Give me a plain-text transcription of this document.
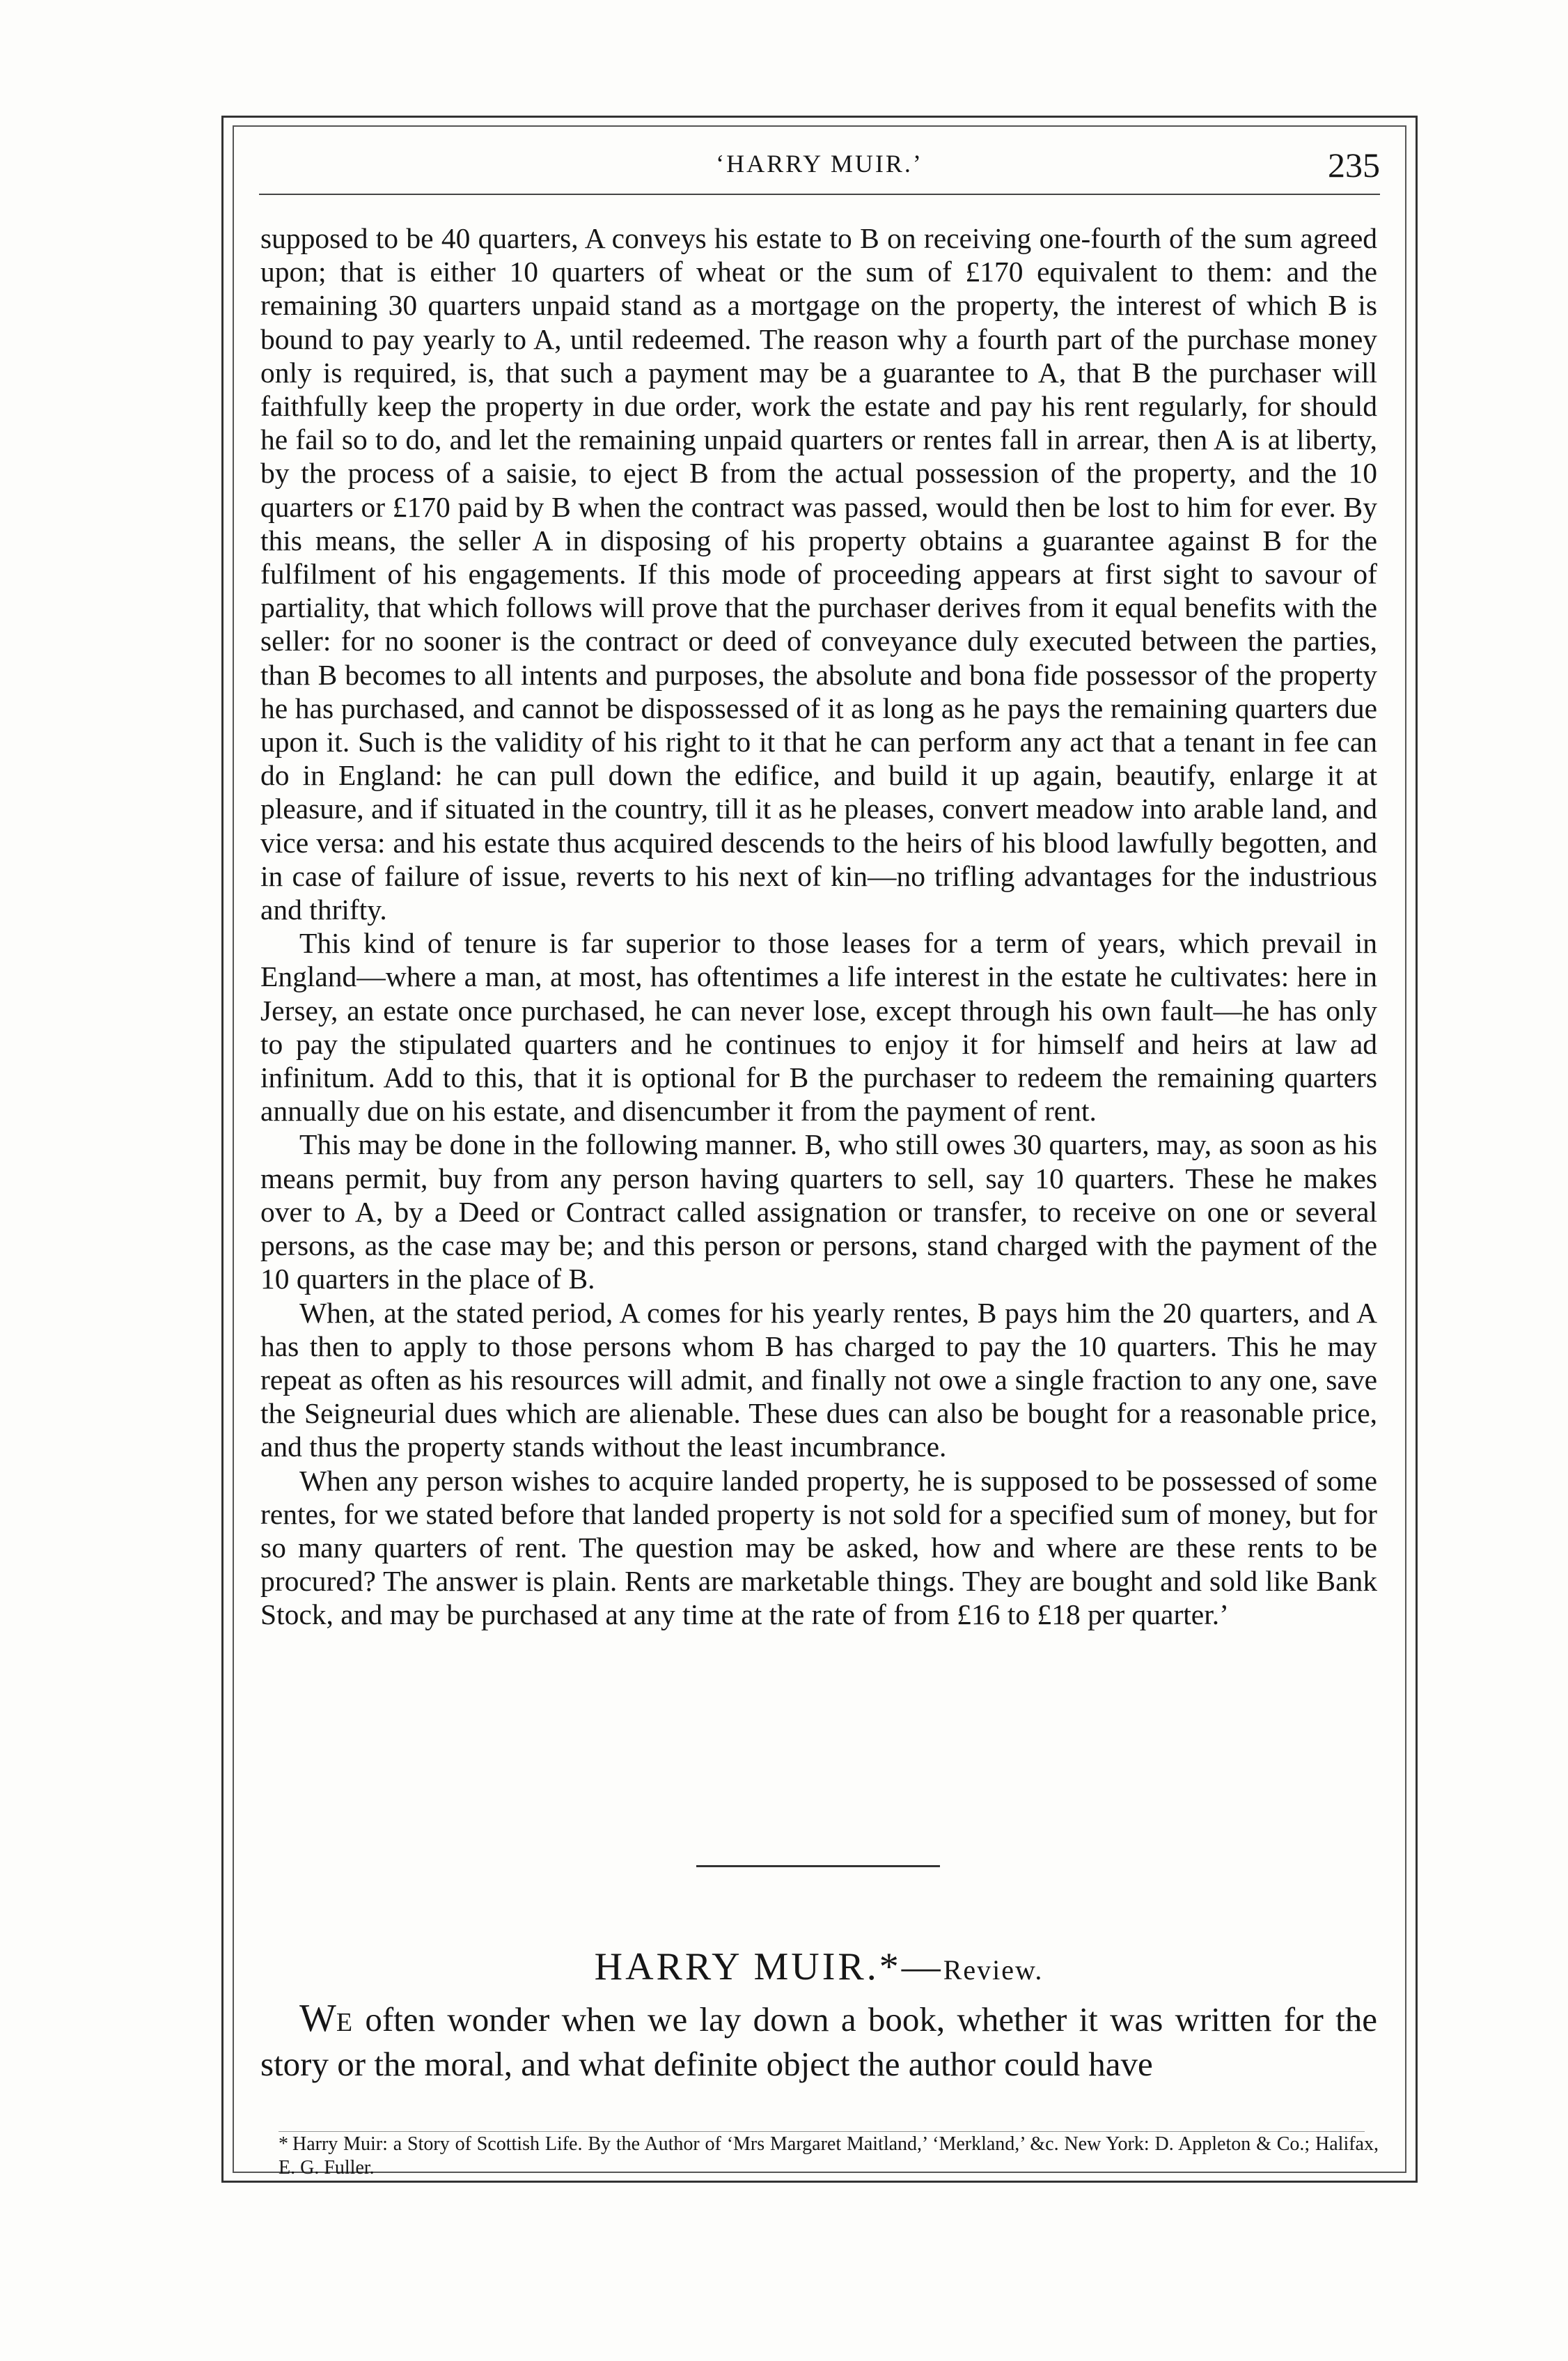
‘HARRY MUIR.’	235

supposed to be 40 quarters, A conveys his estate to B on receiving one-fourth of the sum agreed upon; that is either 10 quarters of wheat or the sum of £170 equivalent to them: and the remaining 30 quarters unpaid stand as a mortgage on the property, the interest of which B is bound to pay yearly to A, until redeemed. The reason why a fourth part of the purchase money only is required, is, that such a payment may be a guarantee to A, that B the purchaser will faithfully keep the property in due order, work the estate and pay his rent regularly, for should he fail so to do, and let the remaining unpaid quarters or rentes fall in arrear, then A is at liberty, by the process of a saisie, to eject B from the actual possession of the property, and the 10 quarters or £170 paid by B when the contract was passed, would then be lost to him for ever. By this means, the seller A in disposing of his property obtains a guarantee against B for the fulfilment of his engagements. If this mode of proceeding appears at first sight to savour of partiality, that which follows will prove that the purchaser derives from it equal benefits with the seller: for no sooner is the contract or deed of conveyance duly executed between the parties, than B becomes to all intents and purposes, the absolute and bona fide possessor of the property he has purchased, and cannot be dispossessed of it as long as he pays the remaining quarters due upon it. Such is the validity of his right to it that he can perform any act that a tenant in fee can do in England: he can pull down the edifice, and build it up again, beautify, enlarge it at pleasure, and if situated in the country, till it as he pleases, convert meadow into arable land, and vice versa: and his estate thus acquired descends to the heirs of his blood lawfully begotten, and in case of failure of issue, reverts to his next of kin—no trifling advantages for the industrious and thrifty.

This kind of tenure is far superior to those leases for a term of years, which prevail in England—where a man, at most, has oftentimes a life interest in the estate he cultivates: here in Jersey, an estate once purchased, he can never lose, except through his own fault—he has only to pay the stipulated quarters and he continues to enjoy it for himself and heirs at law ad infinitum. Add to this, that it is optional for B the purchaser to redeem the remaining quarters annually due on his estate, and disencumber it from the payment of rent.

This may be done in the following manner. B, who still owes 30 quarters, may, as soon as his means permit, buy from any person having quarters to sell, say 10 quarters. These he makes over to A, by a Deed or Contract called assignation or transfer, to receive on one or several persons, as the case may be; and this person or persons, stand charged with the payment of the 10 quarters in the place of B.

When, at the stated period, A comes for his yearly rentes, B pays him the 20 quarters, and A has then to apply to those persons whom B has charged to pay the 10 quarters. This he may repeat as often as his resources will admit, and finally not owe a single fraction to any one, save the Seigneurial dues which are alienable. These dues can also be bought for a reasonable price, and thus the property stands without the least incumbrance.

When any person wishes to acquire landed property, he is supposed to be possessed of some rentes, for we stated before that landed property is not sold for a specified sum of money, but for so many quarters of rent. The question may be asked, how and where are these rents to be procured? The answer is plain. Rents are marketable things. They are bought and sold like Bank Stock, and may be purchased at any time at the rate of from £16 to £18 per quarter.’

HARRY MUIR.*—Review.

WE often wonder when we lay down a book, whether it was written for the story or the moral, and what definite object the author could have

* Harry Muir: a Story of Scottish Life. By the Author of ‘Mrs Margaret Maitland,’ ‘Merkland,’ &c. New York: D. Appleton & Co.; Halifax, E. G. Fuller.
